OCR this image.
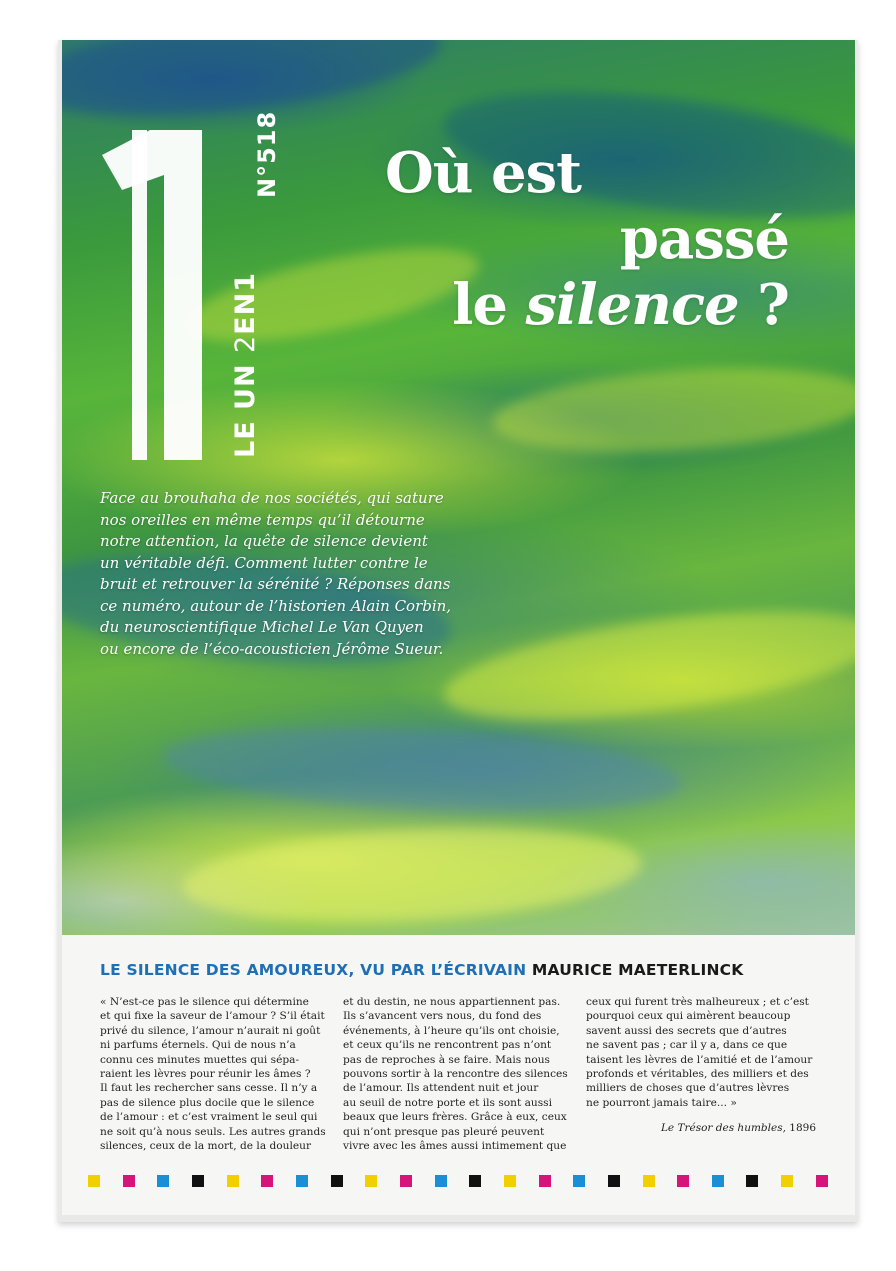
LE UN 2EN1
N°518 Où est
passé
le silence ?
Face au brouhaha de nos sociétés, qui sature
nos oreilles en même temps qu’il détourne
notre attention, la quête de silence devient
un véritable défi. Comment lutter contre le
bruit et retrouver la sérénité ? Réponses dans
ce numéro, autour de l’historien Alain Corbin,
du neuroscientifique Michel Le Van Quyen
ou encore de l’éco-acousticien Jérôme Sueur.
LE SILENCE DES AMOUREUX, VU PAR L’ÉCRIVAIN MAURICE MAETERLINCK
« N’est-ce pas le silence qui détermine
et qui fixe la saveur de l’amour ? S’il était
privé du silence, l’amour n’aurait ni goût
ni parfums éternels. Qui de nous n’a
connu ces minutes muettes qui sépa-
raient les lèvres pour réunir les âmes ?
Il faut les rechercher sans cesse. Il n’y a
pas de silence plus docile que le silence
de l’amour : et c’est vraiment le seul qui
ne soit qu’à nous seuls. Les autres grands
silences, ceux de la mort, de la douleur
et du destin, ne nous appartiennent pas.
Ils s’avancent vers nous, du fond des
événements, à l’heure qu’ils ont choisie,
et ceux qu’ils ne rencontrent pas n’ont
pas de reproches à se faire. Mais nous
pouvons sortir à la rencontre des silences
de l’amour. Ils attendent nuit et jour
au seuil de notre porte et ils sont aussi
beaux que leurs frères. Grâce à eux, ceux
qui n’ont presque pas pleuré peuvent
vivre avec les âmes aussi intimement que
ceux qui furent très malheureux ; et c’est
pourquoi ceux qui aimèrent beaucoup
savent aussi des secrets que d’autres
ne savent pas ; car il y a, dans ce que
taisent les lèvres de l’amitié et de l’amour
profonds et véritables, des milliers et des
milliers de choses que d’autres lèvres
ne pourront jamais taire... »
Le Trésor des humbles, 1896
